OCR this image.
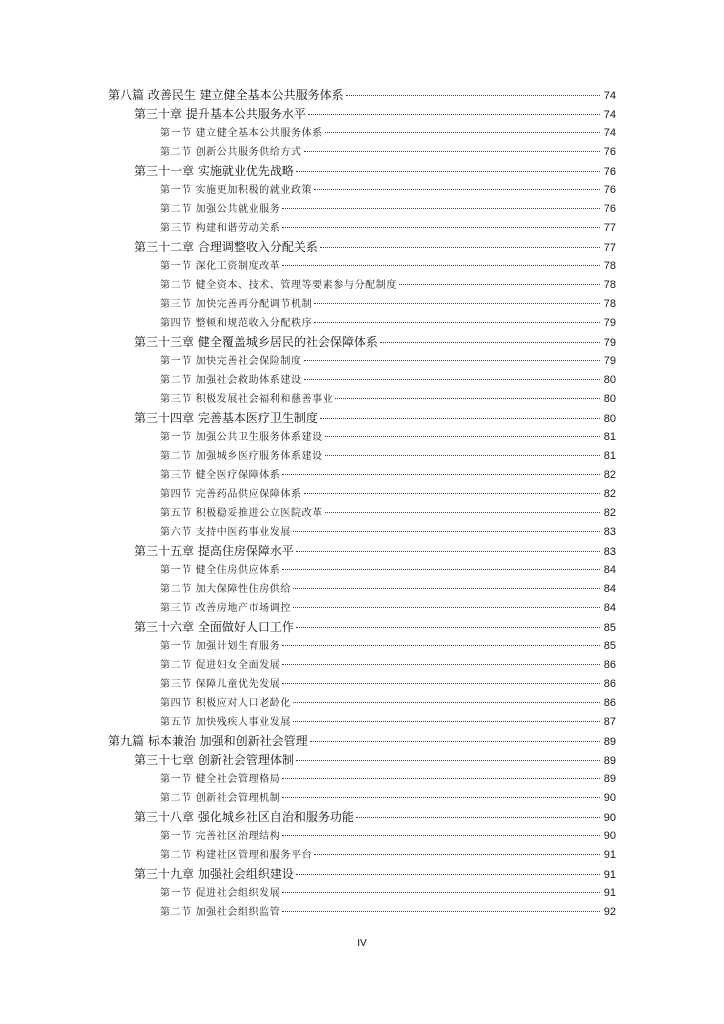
第八篇 改善民生 建立健全基本公共服务体系	74
第三十章 提升基本公共服务水平	74
第一节 建立健全基本公共服务体系	74
第二节 创新公共服务供给方式	76
第三十一章 实施就业优先战略	76
第一节 实施更加积极的就业政策	76
第二节 加强公共就业服务	76
第三节 构建和谐劳动关系	77
第三十二章 合理调整收入分配关系	77
第一节 深化工资制度改革	78
第二节 健全资本、技术、管理等要素参与分配制度	78
第三节 加快完善再分配调节机制	78
第四节 整顿和规范收入分配秩序	79
第三十三章 健全覆盖城乡居民的社会保障体系	79
第一节 加快完善社会保险制度	79
第二节 加强社会救助体系建设	80
第三节 积极发展社会福利和慈善事业	80
第三十四章 完善基本医疗卫生制度	80
第一节 加强公共卫生服务体系建设	81
第二节 加强城乡医疗服务体系建设	81
第三节 健全医疗保障体系	82
第四节 完善药品供应保障体系	82
第五节 积极稳妥推进公立医院改革	82
第六节 支持中医药事业发展	83
第三十五章 提高住房保障水平	83
第一节 健全住房供应体系	84
第二节 加大保障性住房供给	84
第三节 改善房地产市场调控	84
第三十六章 全面做好人口工作	85
第一节 加强计划生育服务	85
第二节 促进妇女全面发展	86
第三节 保障儿童优先发展	86
第四节 积极应对人口老龄化	86
第五节 加快残疾人事业发展	87
第九篇 标本兼治 加强和创新社会管理	89
第三十七章 创新社会管理体制	89
第一节 健全社会管理格局	89
第二节 创新社会管理机制	90
第三十八章 强化城乡社区自治和服务功能	90
第一节 完善社区治理结构	90
第二节 构建社区管理和服务平台	91
第三十九章 加强社会组织建设	91
第一节 促进社会组织发展	91
第二节 加强社会组织监管	92
IV
